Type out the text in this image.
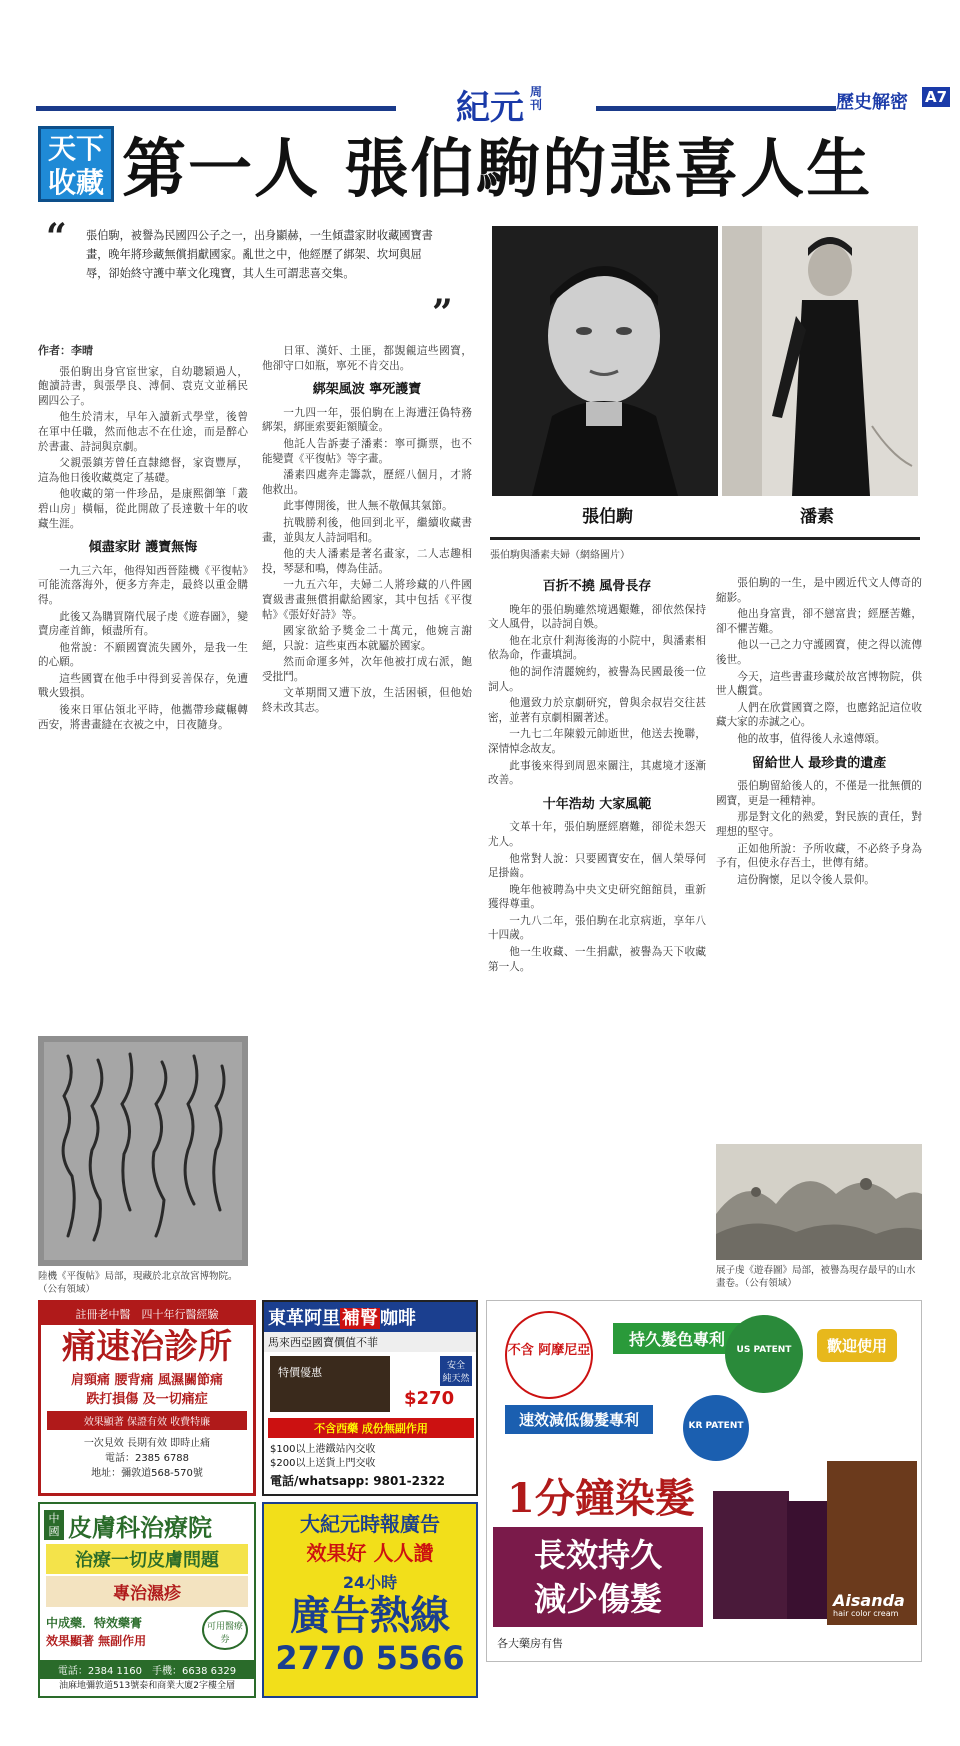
紀元 周刊	歷史解密 A7
天下
收藏 第一人 張伯駒的悲喜人生
“ 張伯駒，被譽為民國四公子之一，出身顯赫，一生傾盡家財收藏國寶書畫，晚年將珍藏無償捐獻國家。亂世之中，他經歷了綁架、坎坷與屈辱，卻始終守護中華文化瑰寶，其人生可謂悲喜交集。

”
張伯駒	潘素
張伯駒與潘素夫婦（網絡圖片）
作者：李晴

張伯駒出身官宦世家，自幼聰穎過人，飽讀詩書，與張學良、溥侗、袁克文並稱民國四公子。

他生於清末，早年入讀新式學堂，後曾在軍中任職，然而他志不在仕途，而是醉心於書畫、詩詞與京劇。

父親張鎮芳曾任直隸總督，家資豐厚，這為他日後收藏奠定了基礎。

他收藏的第一件珍品，是康熙御筆「叢碧山房」橫幅，從此開啟了長達數十年的收藏生涯。

傾盡家財 護寶無悔

一九三六年，他得知西晉陸機《平復帖》可能流落海外，便多方奔走，最終以重金購得。

此後又為購買隋代展子虔《遊春圖》，變賣房產首飾，傾盡所有。

他常說：不願國寶流失國外，是我一生的心願。

這些國寶在他手中得到妥善保存，免遭戰火毀損。

後來日軍佔領北平時，他攜帶珍藏輾轉西安，將書畫縫在衣被之中，日夜隨身。

陸機《平復帖》局部，現藏於北京故宮博物院。（公有領域）

日軍、漢奸、土匪，都覬覦這些國寶，他卻守口如瓶，寧死不肯交出。

綁架風波 寧死護寶

一九四一年，張伯駒在上海遭汪偽特務綁架，綁匪索要鉅額贖金。

他託人告訴妻子潘素：寧可撕票，也不能變賣《平復帖》等字畫。

潘素四處奔走籌款，歷經八個月，才將他救出。

此事傳開後，世人無不敬佩其氣節。

抗戰勝利後，他回到北平，繼續收藏書畫，並與友人詩詞唱和。

他的夫人潘素是著名畫家，二人志趣相投，琴瑟和鳴，傳為佳話。

一九五六年，夫婦二人將珍藏的八件國寶級書畫無償捐獻給國家，其中包括《平復帖》《張好好詩》等。

國家欲給予獎金二十萬元，他婉言謝絕，只說：這些東西本就屬於國家。

然而命運多舛，次年他被打成右派，飽受批鬥。

文革期間又遭下放，生活困頓，但他始終未改其志。

百折不撓 風骨長存

晚年的張伯駒雖然境遇艱難，卻依然保持文人風骨，以詩詞自娛。

他在北京什剎海後海的小院中，與潘素相依為命，作畫填詞。

他的詞作清麗婉約，被譽為民國最後一位詞人。

他還致力於京劇研究，曾與余叔岩交往甚密，並著有京劇相關著述。

一九七二年陳毅元帥逝世，他送去挽聯，深情悼念故友。

此事後來得到周恩來關注，其處境才逐漸改善。

十年浩劫 大家風範

文革十年，張伯駒歷經磨難，卻從未怨天尤人。

他常對人說：只要國寶安在，個人榮辱何足掛齒。

晚年他被聘為中央文史研究館館員，重新獲得尊重。

一九八二年，張伯駒在北京病逝，享年八十四歲。

他一生收藏、一生捐獻，被譽為天下收藏第一人。

張伯駒的一生，是中國近代文人傳奇的縮影。

他出身富貴，卻不戀富貴；經歷苦難，卻不懼苦難。

他以一己之力守護國寶，使之得以流傳後世。

今天，這些書畫珍藏於故宮博物院，供世人觀賞。

人們在欣賞國寶之際，也應銘記這位收藏大家的赤誠之心。

他的故事，值得後人永遠傳頌。

留給世人 最珍貴的遺產

張伯駒留給後人的，不僅是一批無價的國寶，更是一種精神。

那是對文化的熱愛，對民族的責任，對理想的堅守。

正如他所說：予所收藏，不必終予身為予有，但使永存吾土，世傳有緒。

這份胸懷，足以令後人景仰。

展子虔《遊春圖》局部，被譽為現存最早的山水畫卷。（公有領域）
註冊老中醫　四十年行醫經驗
痛速治診所
肩頸痛 腰背痛 風濕關節痛
跌打損傷 及一切痛症
效果顯著 保證有效 收費特廉
一次見效 長期有效 即時止痛
電話：2385 6788
地址：彌敦道568-570號
東革阿里 補腎 咖啡
馬來西亞國寶價值不菲
特價優惠	安全 純天然
$270
不含西藥 成份無副作用
$100以上港鐵站內交收
$200以上送貨上門交收
電話/whatsapp: 9801-2322
不含 阿摩尼亞
持久髮色專利
US PATENT	歡迎使用
速效減低傷髮專利	KR PATENT
1分鐘染髮
長效持久
減少傷髮	Aisanda
hair color cream
各大藥房有售
中國 皮膚科治療院
治療一切皮膚問題
專治濕疹
中成藥．特效藥膏
效果顯著 無副作用
可用醫療券
電話：2384 1160　手機：6638 6329
油麻地彌敦道513號泰和商業大廈2字樓全層
大紀元時報廣告
效果好 人人讚
24小時
廣告熱線
2770 5566
